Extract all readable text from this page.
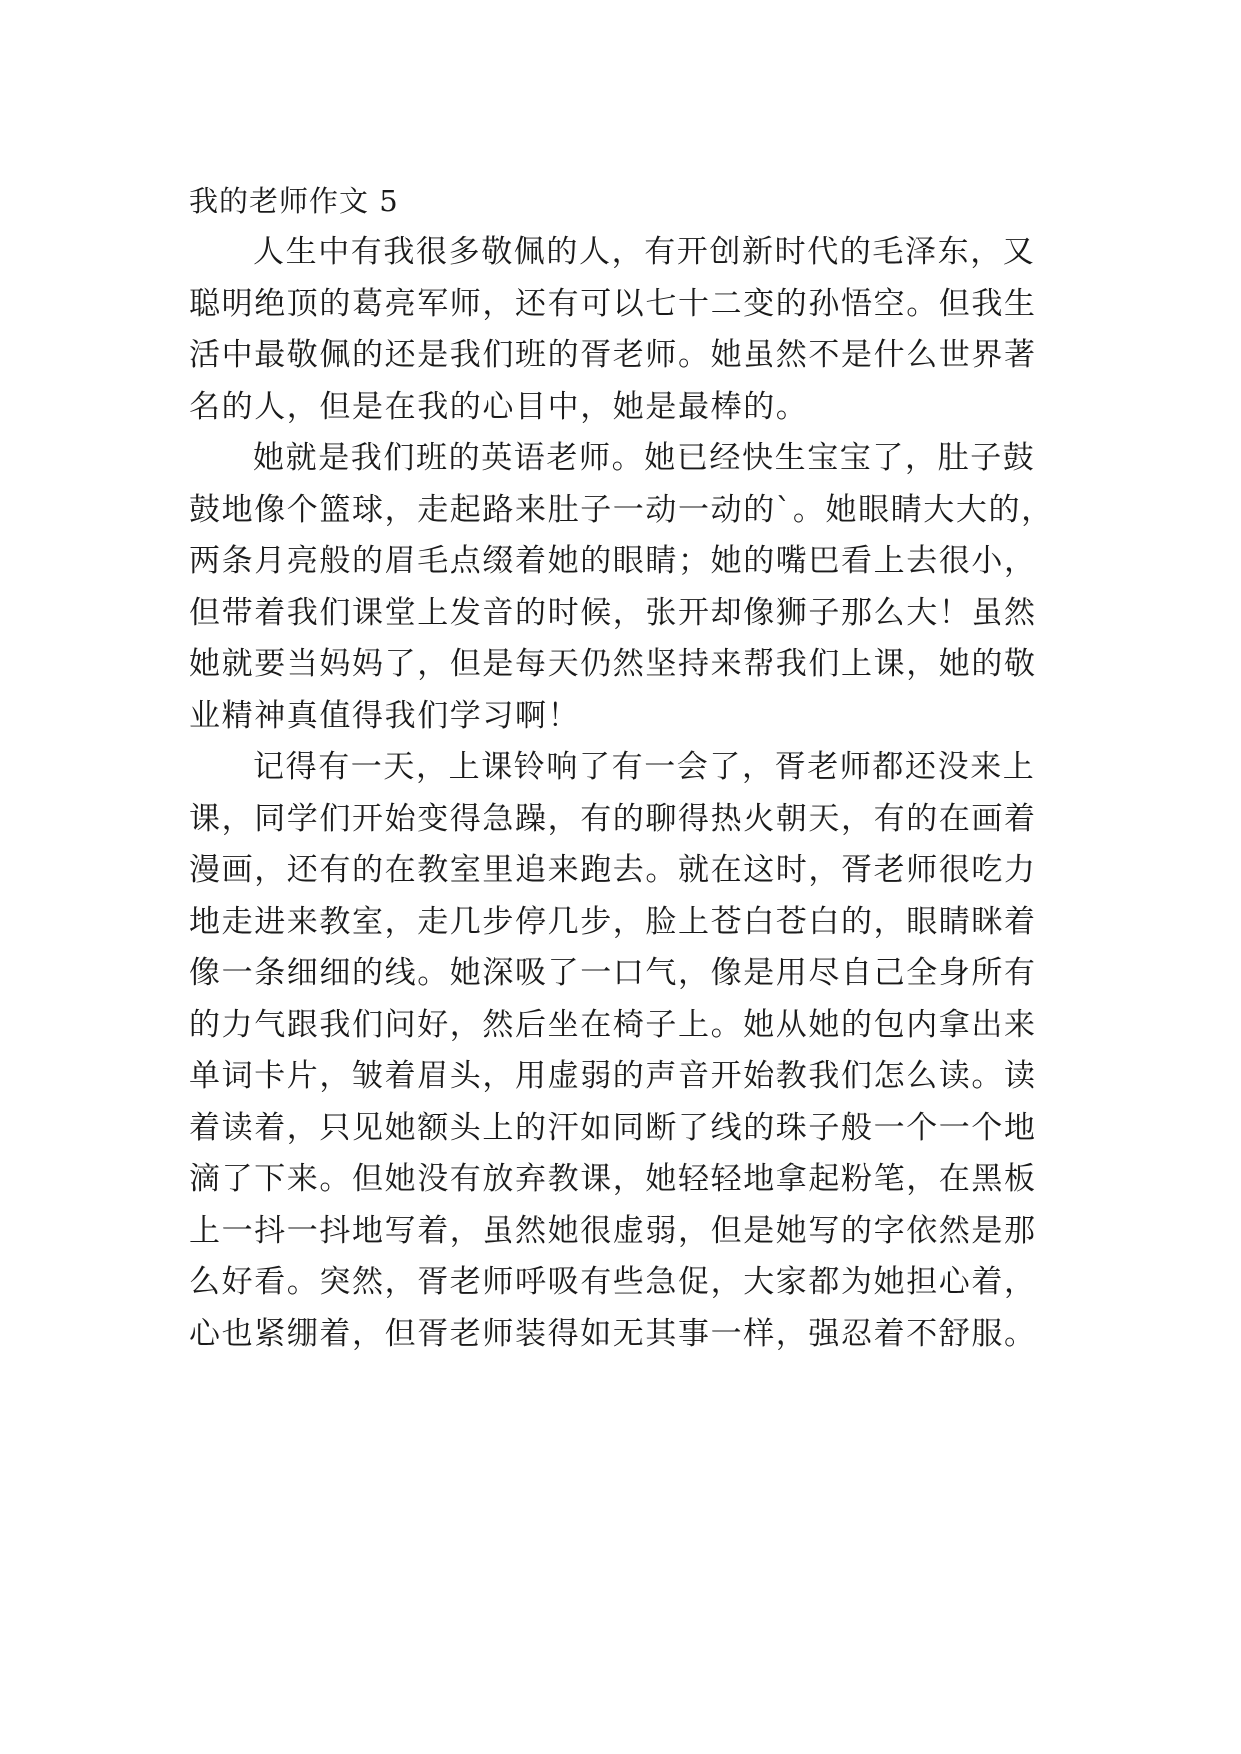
我的老师作文 5
人生中有我很多敬佩的人，有开创新时代的毛泽东，又
聪明绝顶的葛亮军师，还有可以七十二变的孙悟空。但我生
活中最敬佩的还是我们班的胥老师。她虽然不是什么世界著
名的人，但是在我的心目中，她是最棒的。
她就是我们班的英语老师。她已经快生宝宝了，肚子鼓
鼓地像个篮球，走起路来肚子一动一动的`。她眼睛大大的，
两条月亮般的眉毛点缀着她的眼睛；她的嘴巴看上去很小，
但带着我们课堂上发音的时候，张开却像狮子那么大！虽然
她就要当妈妈了，但是每天仍然坚持来帮我们上课，她的敬
业精神真值得我们学习啊！
记得有一天，上课铃响了有一会了，胥老师都还没来上
课，同学们开始变得急躁，有的聊得热火朝天，有的在画着
漫画，还有的在教室里追来跑去。就在这时，胥老师很吃力
地走进来教室，走几步停几步，脸上苍白苍白的，眼睛眯着
像一条细细的线。她深吸了一口气，像是用尽自己全身所有
的力气跟我们问好，然后坐在椅子上。她从她的包内拿出来
单词卡片，皱着眉头，用虚弱的声音开始教我们怎么读。读
着读着，只见她额头上的汗如同断了线的珠子般一个一个地
滴了下来。但她没有放弃教课，她轻轻地拿起粉笔，在黑板
上一抖一抖地写着，虽然她很虚弱，但是她写的字依然是那
么好看。突然，胥老师呼吸有些急促，大家都为她担心着，
心也紧绷着，但胥老师装得如无其事一样，强忍着不舒服。
